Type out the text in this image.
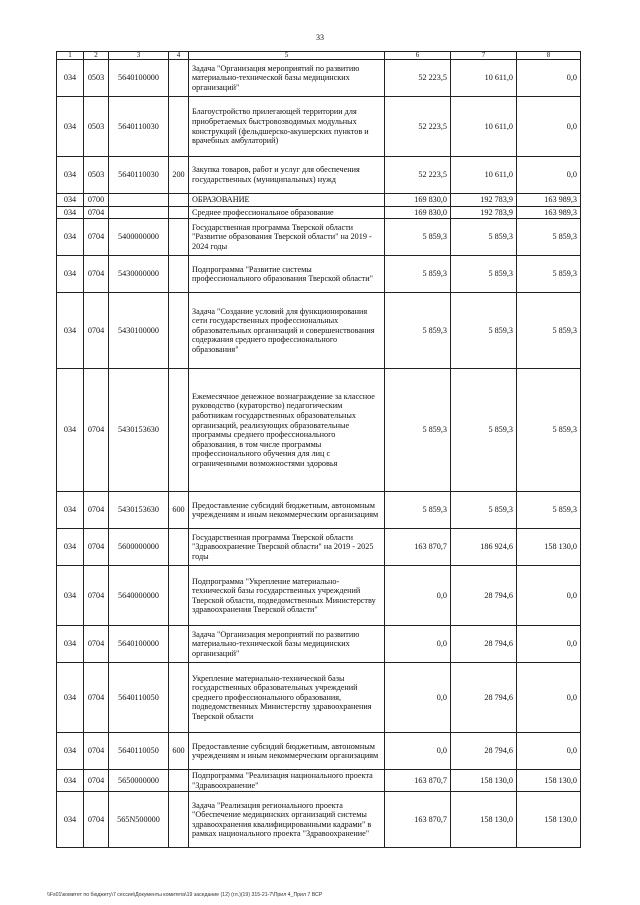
33
1	2	3	4	5	6	7	8
034	0503	5640100000		Задача "Организация мероприятий по развитию материально-технической базы медицинских организаций"	52 223,5	10 611,0	0,0
034	0503	5640110030		Благоустройство прилегающей территории для приобретаемых быстровозводимых модульных конструкций (фельдшерско-акушерских пунктов и врачебных амбулаторий)	52 223,5	10 611,0	0,0
034	0503	5640110030	200	Закупка товаров, работ и услуг для обеспечения государственных (муниципальных) нужд	52 223,5	10 611,0	0,0
034	0700			ОБРАЗОВАНИЕ	169 830,0	192 783,9	163 989,3
034	0704			Среднее профессиональное образование	169 830,0	192 783,9	163 989,3
034	0704	5400000000		Государственная программа Тверской области "Развитие образования Тверской области" на 2019 - 2024 годы	5 859,3	5 859,3	5 859,3
034	0704	5430000000		Подпрограмма "Развитие системы профессионального образования Тверской области"	5 859,3	5 859,3	5 859,3
034	0704	5430100000		Задача "Создание условий для функционирования сети государственных профессиональных образовательных организаций и совершенствования содержания среднего профессионального образования"	5 859,3	5 859,3	5 859,3
034	0704	5430153630		Ежемесячное денежное вознаграждение за классное руководство (кураторство) педагогическим работникам государственных образовательных организаций, реализующих образовательные программы среднего профессионального образования, в том числе программы профессионального обучения для лиц с ограниченными возможностями здоровья	5 859,3	5 859,3	5 859,3
034	0704	5430153630	600	Предоставление субсидий бюджетным, автономным учреждениям и иным некоммерческим организациям	5 859,3	5 859,3	5 859,3
034	0704	5600000000		Государственная программа Тверской области "Здравоохранение Тверской области" на 2019 - 2025 годы	163 870,7	186 924,6	158 130,0
034	0704	5640000000		Подпрограмма "Укрепление материально-технической базы государственных учреждений Тверской области, подведомственных Министерству здравоохранения Тверской области"	0,0	28 794,6	0,0
034	0704	5640100000		Задача "Организация мероприятий по развитию материально-технической базы медицинских организаций"	0,0	28 794,6	0,0
034	0704	5640110050		Укрепление материально-технической базы государственных образовательных учреждений среднего профессионального образования, подведомственных Министерству здравоохранения Тверской области	0,0	28 794,6	0,0
034	0704	5640110050	600	Предоставление субсидий бюджетным, автономным учреждениям и иным некоммерческим организациям	0,0	28 794,6	0,0
034	0704	5650000000		Подпрограмма "Реализация национального проекта "Здравоохранение"	163 870,7	158 130,0	158 130,0
034	0704	565N500000		Задача "Реализация регионального проекта "Обеспечение медицинских организаций системы здравоохранения квалифицированными кадрами" в рамках национального проекта "Здравоохранение"	163 870,7	158 130,0	158 130,0
\\Fs01\комитет по бюджету\7 сессия\Документы комитета\19 заседание (12) (гл.)(19) 315-21-7\Прил 4_Прил 7 ВСР
